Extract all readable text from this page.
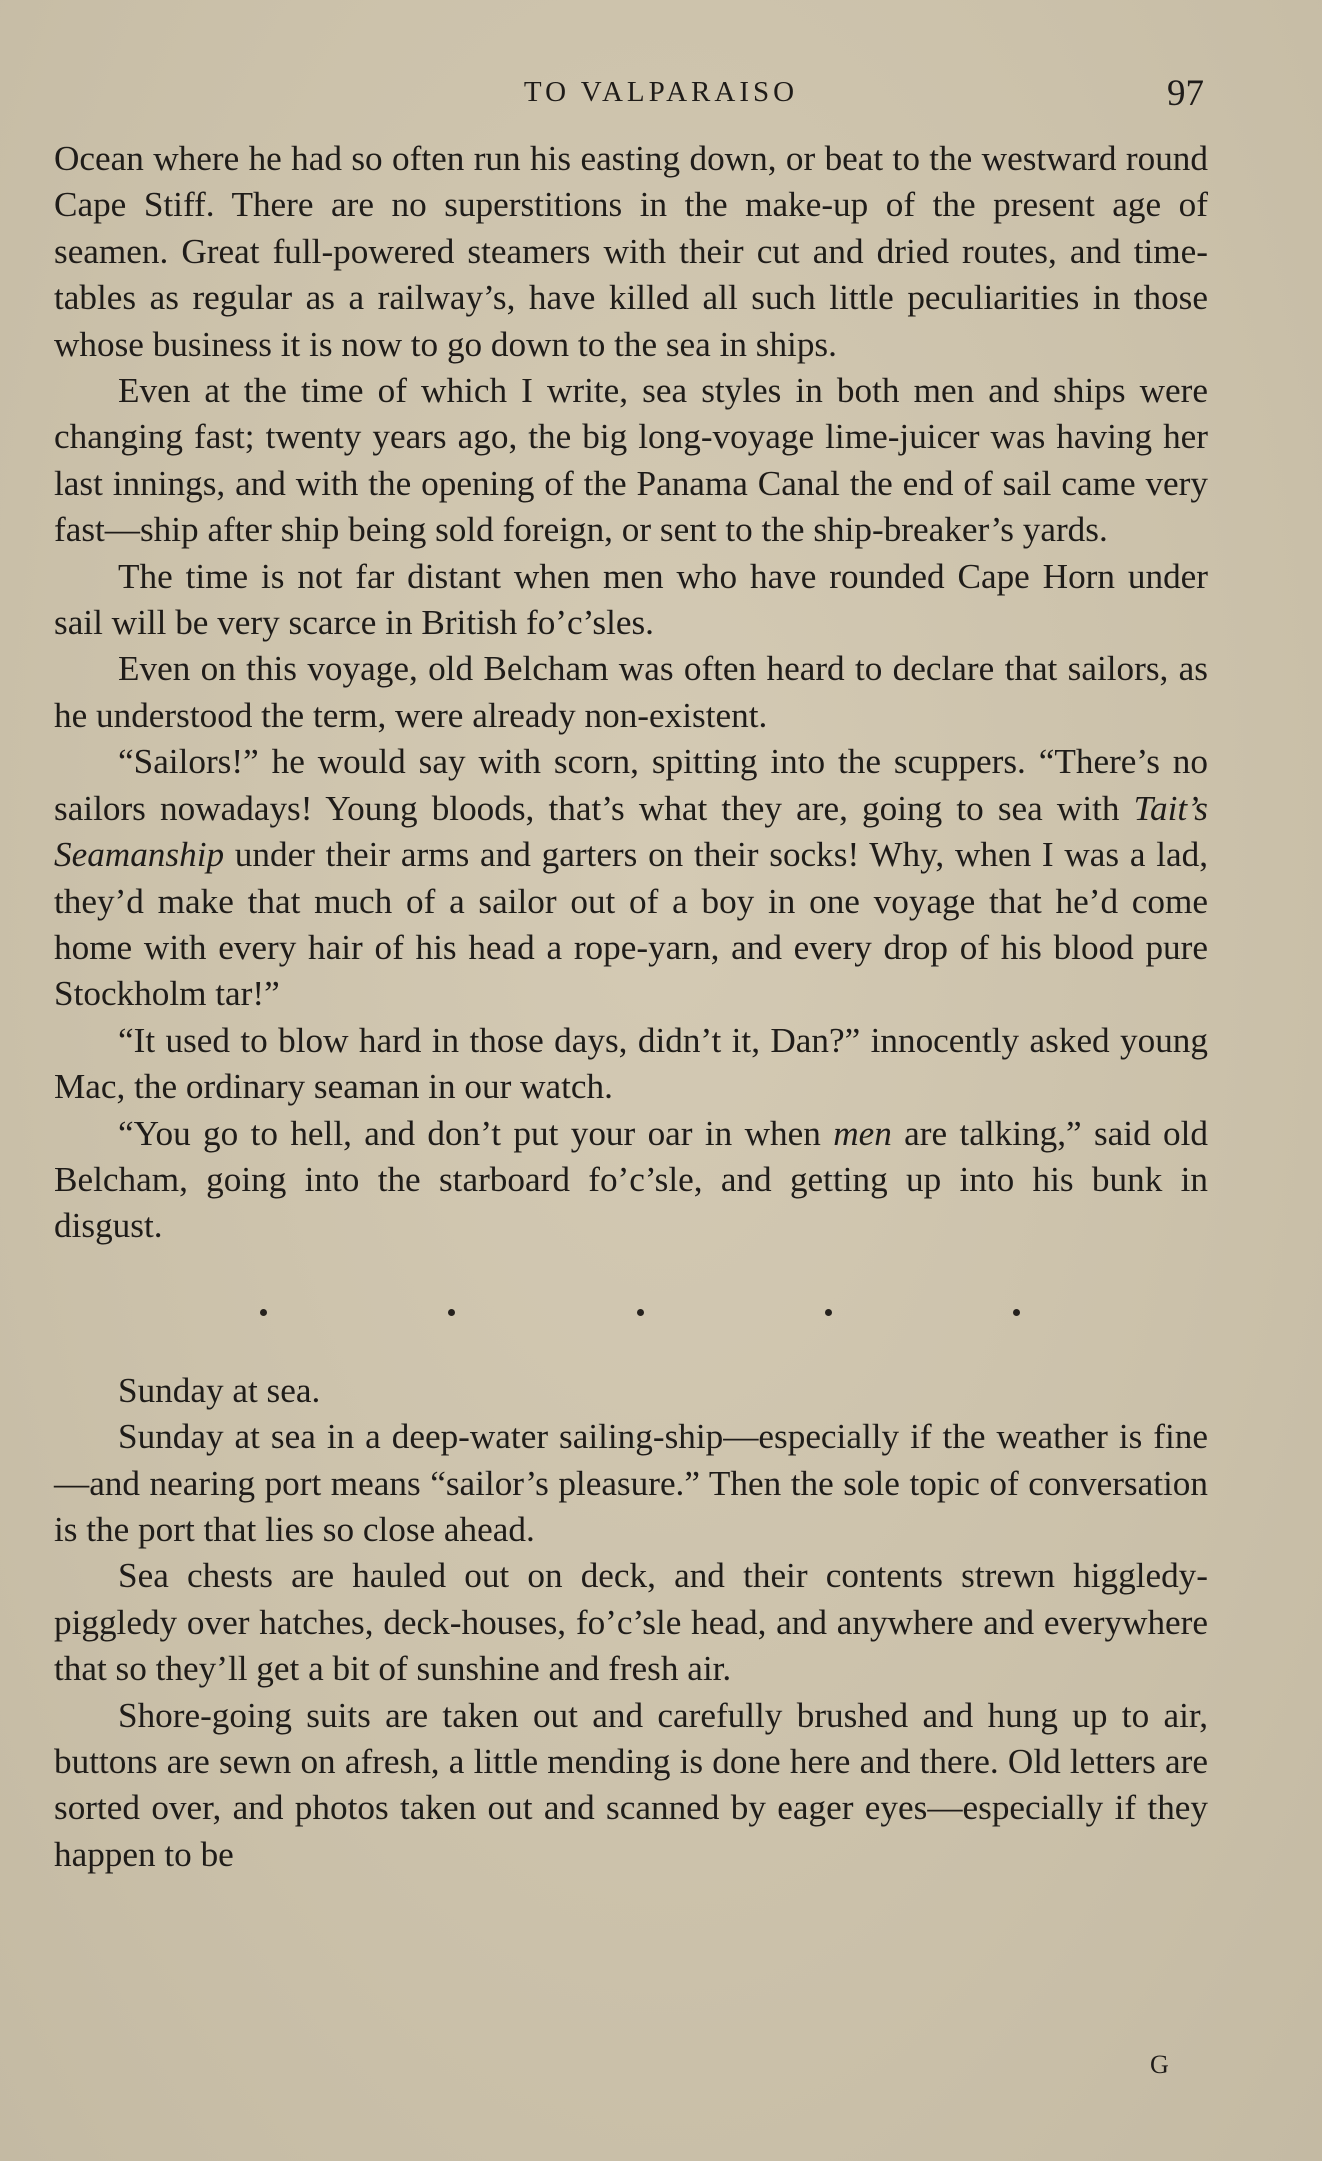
TO VALPARAISO	97

Ocean where he had so often run his easting down, or beat to the westward round Cape Stiff. There are no superstitions in the make-up of the present age of seamen. Great full-powered steamers with their cut and dried routes, and time-tables as regular as a railway’s, have killed all such little peculiarities in those whose business it is now to go down to the sea in ships.

Even at the time of which I write, sea styles in both men and ships were changing fast; twenty years ago, the big long-voyage lime-juicer was having her last innings, and with the opening of the Panama Canal the end of sail came very fast—ship after ship being sold foreign, or sent to the ship-breaker’s yards.

The time is not far distant when men who have rounded Cape Horn under sail will be very scarce in British fo’c’sles.

Even on this voyage, old Belcham was often heard to declare that sailors, as he understood the term, were already non-existent.

“Sailors!” he would say with scorn, spitting into the scuppers. “There’s no sailors nowadays! Young bloods, that’s what they are, going to sea with Tait’s Seamanship under their arms and garters on their socks! Why, when I was a lad, they’d make that much of a sailor out of a boy in one voyage that he’d come home with every hair of his head a rope-yarn, and every drop of his blood pure Stockholm tar!”

“It used to blow hard in those days, didn’t it, Dan?” innocently asked young Mac, the ordinary seaman in our watch.

“You go to hell, and don’t put your oar in when men are talking,” said old Belcham, going into the starboard fo’c’sle, and getting up into his bunk in disgust.

Sunday at sea.

Sunday at sea in a deep-water sailing-ship—especially if the weather is fine—and nearing port means “sailor’s pleasure.” Then the sole topic of conversation is the port that lies so close ahead.

Sea chests are hauled out on deck, and their contents strewn higgledy-piggledy over hatches, deck-houses, fo’c’sle head, and anywhere and everywhere that so they’ll get a bit of sunshine and fresh air.

Shore-going suits are taken out and carefully brushed and hung up to air, buttons are sewn on afresh, a little mending is done here and there. Old letters are sorted over, and photos taken out and scanned by eager eyes—especially if they happen to be

G
